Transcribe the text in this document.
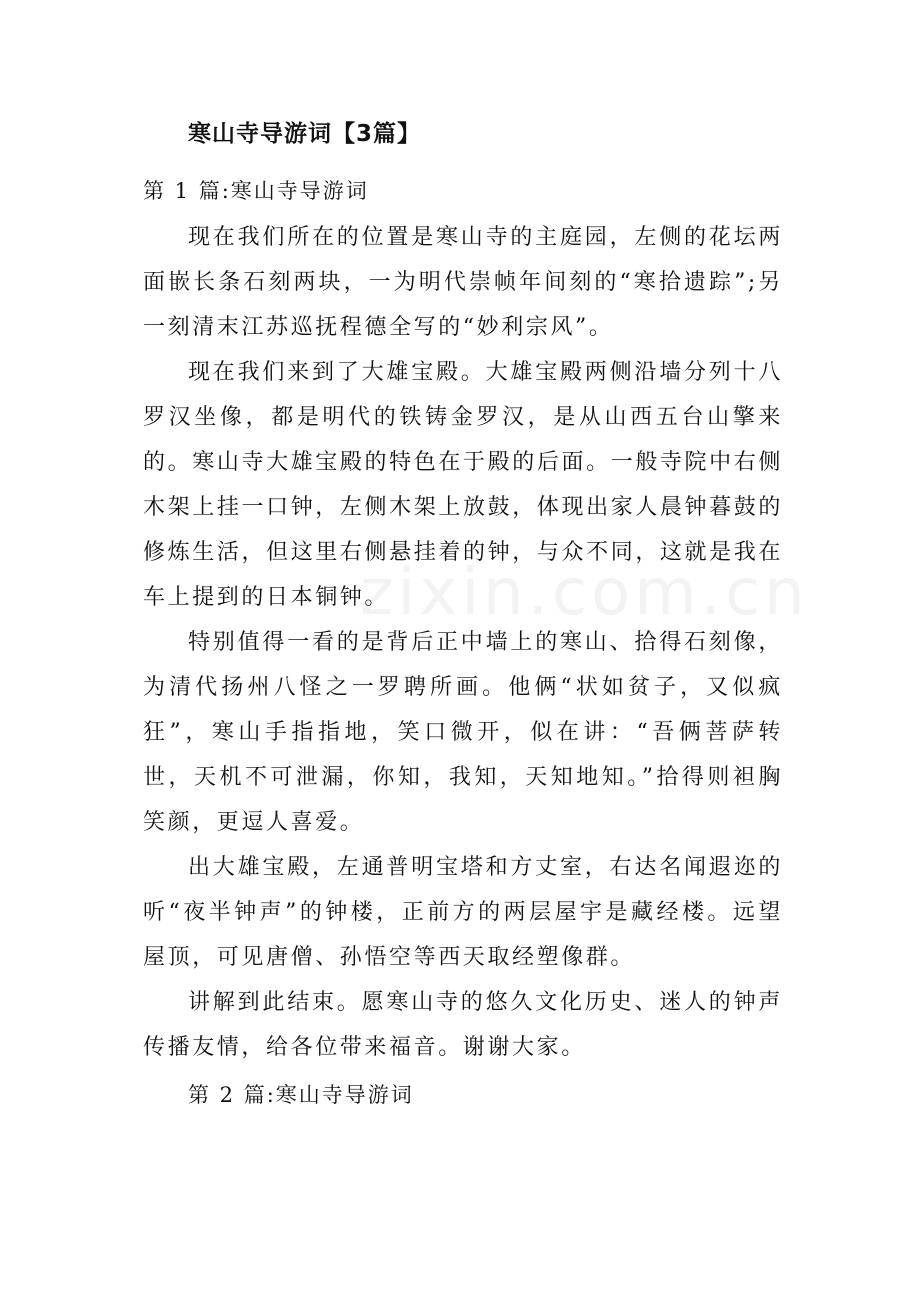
zixin.com.cn
寒山寺导游词【3篇】
第 1 篇:寒山寺导游词

现在我们所在的位置是寒山寺的主庭园，左侧的花坛两面嵌长条石刻两块，一为明代崇帧年间刻的“寒拾遗踪”;另一刻清末江苏巡抚程德全写的“妙利宗风”。

现在我们来到了大雄宝殿。大雄宝殿两侧沿墙分列十八罗汉坐像，都是明代的铁铸金罗汉，是从山西五台山擎来的。寒山寺大雄宝殿的特色在于殿的后面。一般寺院中右侧木架上挂一口钟，左侧木架上放鼓，体现出家人晨钟暮鼓的修炼生活，但这里右侧悬挂着的钟，与众不同，这就是我在车上提到的日本铜钟。

特别值得一看的是背后正中墙上的寒山、拾得石刻像，为清代扬州八怪之一罗聘所画。他俩“状如贫子，又似疯狂”，寒山手指指地，笑口微开，似在讲：“吾俩菩萨转世，天机不可泄漏，你知，我知，天知地知。”拾得则袒胸笑颜，更逗人喜爱。

出大雄宝殿，左通普明宝塔和方丈室，右达名闻遐迩的听“夜半钟声”的钟楼，正前方的两层屋宇是藏经楼。远望屋顶，可见唐僧、孙悟空等西天取经塑像群。

讲解到此结束。愿寒山寺的悠久文化历史、迷人的钟声传播友情，给各位带来福音。谢谢大家。

第 2 篇:寒山寺导游词
